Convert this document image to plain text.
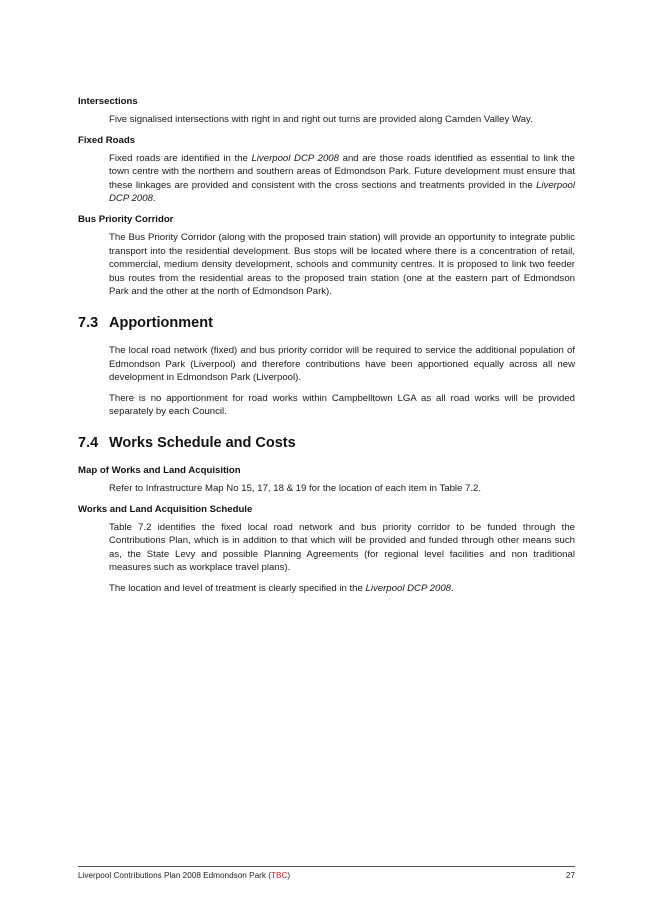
Intersections

Five signalised intersections with right in and right out turns are provided along Camden Valley Way.

Fixed Roads

Fixed roads are identified in the Liverpool DCP 2008 and are those roads identified as essential to link the town centre with the northern and southern areas of Edmondson Park. Future development must ensure that these linkages are provided and consistent with the cross sections and treatments provided in the Liverpool DCP 2008.

Bus Priority Corridor

The Bus Priority Corridor (along with the proposed train station) will provide an opportunity to integrate public transport into the residential development. Bus stops will be located where there is a concentration of retail, commercial, medium density development, schools and community centres. It is proposed to link two feeder bus routes from the residential areas to the proposed train station (one at the eastern part of Edmondson Park and the other at the north of Edmondson Park).

7.3 Apportionment

The local road network (fixed) and bus priority corridor will be required to service the additional population of Edmondson Park (Liverpool) and therefore contributions have been apportioned equally across all new development in Edmondson Park (Liverpool).

There is no apportionment for road works within Campbelltown LGA as all road works will be provided separately by each Council.

7.4 Works Schedule and Costs
Map of Works and Land Acquisition

Refer to Infrastructure Map No 15, 17, 18 & 19 for the location of each item in Table 7.2.

Works and Land Acquisition Schedule

Table 7.2 identifies the fixed local road network and bus priority corridor to be funded through the Contributions Plan, which is in addition to that which will be provided and funded through other means such as, the State Levy and possible Planning Agreements (for regional level facilities and non traditional measures such as workplace travel plans).

The location and level of treatment is clearly specified in the Liverpool DCP 2008.

Liverpool Contributions Plan 2008 Edmondson Park (TBC)	27
